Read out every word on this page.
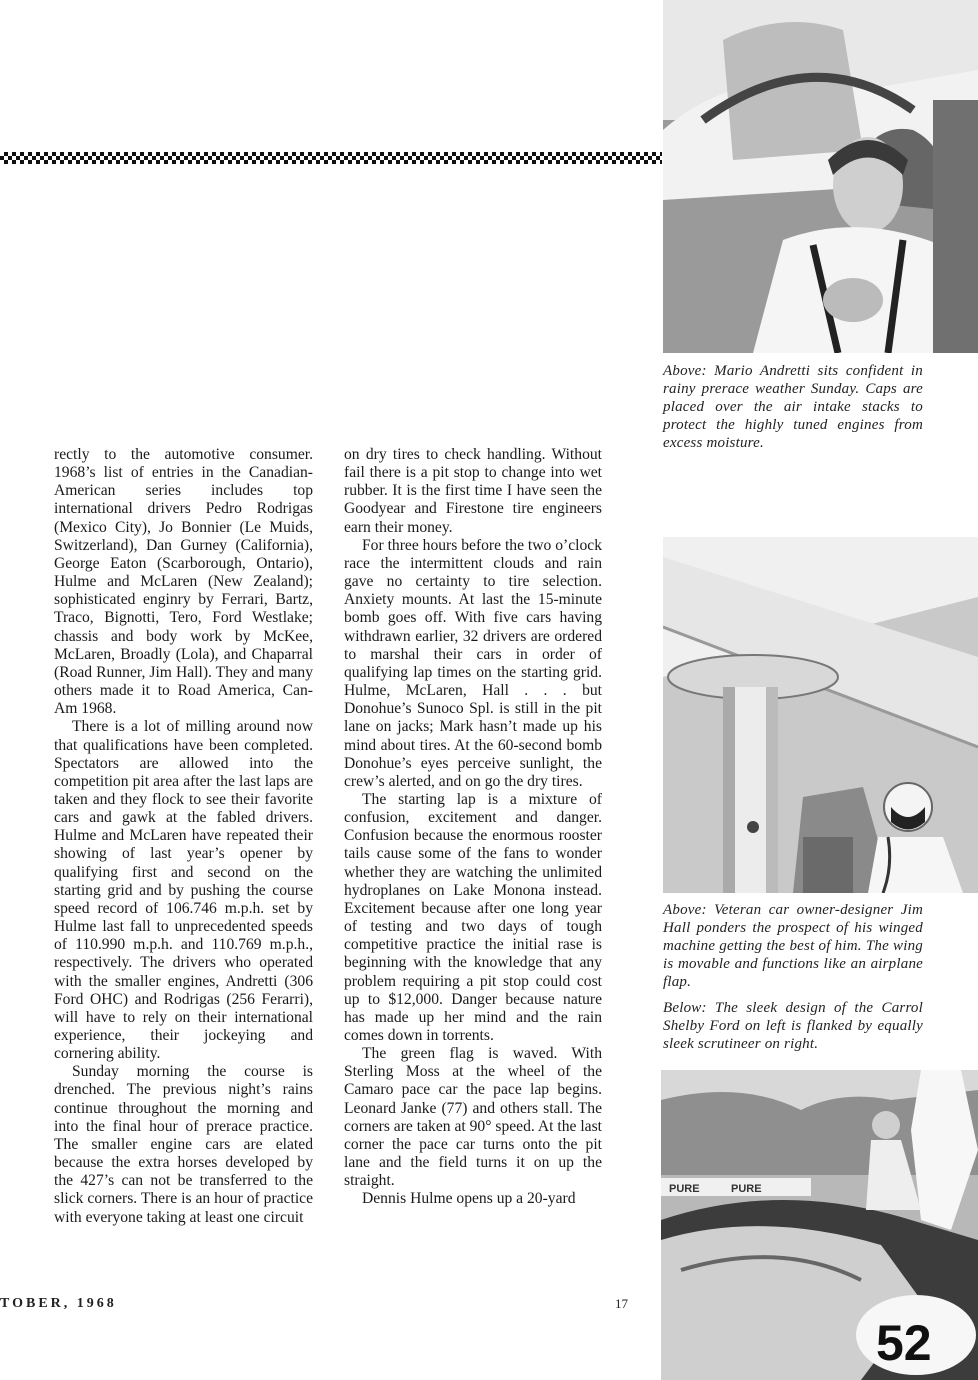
Above: Mario Andretti sits confident in rainy prerace weather Sunday. Caps are placed over the air intake stacks to protect the highly tuned engines from excess moisture.

Above: Veteran car owner-designer Jim Hall ponders the prospect of his winged machine getting the best of him. The wing is movable and functions like an airplane flap.

Below: The sleek design of the Carrol Shelby Ford on left is flanked by equally sleek scrutineer on right.

PURE	PURE
52

rectly to the automotive consumer. 1968’s list of entries in the Canadian-American series includes top international drivers Pedro Rodrigas (Mexico City), Jo Bonnier (Le Muids, Switzerland), Dan Gurney (California), George Eaton (Scarborough, Ontario), Hulme and McLaren (New Zealand); sophisticated enginry by Ferrari, Bartz, Traco, Bignotti, Tero, Ford Westlake; chassis and body work by McKee, McLaren, Broadly (Lola), and Chaparral (Road Runner, Jim Hall). They and many others made it to Road America, Can-Am 1968.

There is a lot of milling around now that qualifications have been completed. Spectators are allowed into the competition pit area after the last laps are taken and they flock to see their favorite cars and gawk at the fabled drivers. Hulme and McLaren have repeated their showing of last year’s opener by qualifying first and second on the starting grid and by pushing the course speed record of 106.746 m.p.h. set by Hulme last fall to unprecedented speeds of 110.990 m.p.h. and 110.769 m.p.h., respectively. The drivers who operated with the smaller engines, Andretti (306 Ford OHC) and Rodrigas (256 Ferarri), will have to rely on their international experience, their jockeying and cornering ability.

Sunday morning the course is drenched. The previous night’s rains continue throughout the morning and into the final hour of prerace practice. The smaller engine cars are elated because the extra horses developed by the 427’s can not be transferred to the slick corners. There is an hour of practice with everyone taking at least one circuit

on dry tires to check handling. Without fail there is a pit stop to change into wet rubber. It is the first time I have seen the Goodyear and Firestone tire engineers earn their money.

For three hours before the two o’clock race the intermittent clouds and rain gave no certainty to tire selection. Anxiety mounts. At last the 15-minute bomb goes off. With five cars having withdrawn earlier, 32 drivers are ordered to marshal their cars in order of qualifying lap times on the starting grid. Hulme, McLaren, Hall . . . but Donohue’s Sunoco Spl. is still in the pit lane on jacks; Mark hasn’t made up his mind about tires. At the 60-second bomb Donohue’s eyes perceive sunlight, the crew’s alerted, and on go the dry tires.

The starting lap is a mixture of confusion, excitement and danger. Confusion because the enormous rooster tails cause some of the fans to wonder whether they are watching the unlimited hydroplanes on Lake Monona instead. Excitement because after one long year of testing and two days of tough competitive practice the initial rase is beginning with the knowledge that any problem requiring a pit stop could cost up to $12,000. Danger because nature has made up her mind and the rain comes down in torrents.

The green flag is waved. With Sterling Moss at the wheel of the Camaro pace car the pace lap begins. Leonard Janke (77) and others stall. The corners are taken at 90° speed. At the last corner the pace car turns onto the pit lane and the field turns it on up the straight.

Dennis Hulme opens up a 20-yard

TOBER, 1968	17
